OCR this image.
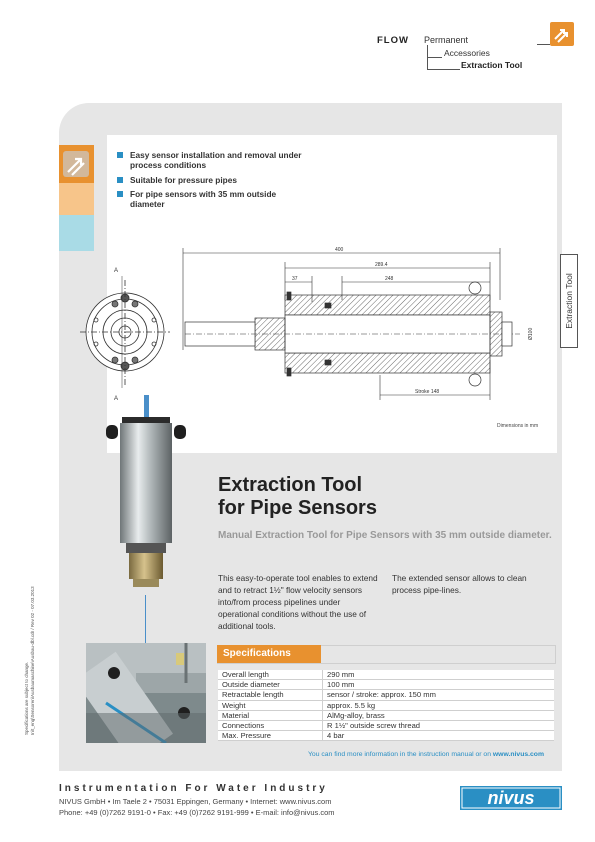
FLOW Permanent
Accessories
Extraction Tool
Easy sensor installation and removal under process conditions
Suitable for pressure pipes
For pipe sensors with 35 mm outside diameter
Extraction Tool
A
A
400
289.4
37	248
Stroke 148
Ø100
Dimensions in mm
Extraction Tool
for Pipe Sensors
Manual Extraction Tool for Pipe Sensors with 35 mm outside diameter.
This easy-to-operate tool enables to extend and to retract 1½" flow velocity sensors into/from process pipelines under operational conditions without the use of additional tools.
The extended sensor allows to clean process pipe-lines.
Specifications
Overall length	290 mm
Outside diameter	100 mm
Retractable length	sensor / stroke: approx. 150 mm
Weight	approx. 5.5 kg
Material	AlMg-alloy, brass
Connections	R 1½" outside screw thread
Max. Pressure	4 bar
You can find more information in the instruction manual or on www.nivus.com
Specifications are subject to change. In\t_eng\Sensoren\Ausbaumaschine\Ausbau-dbl.cdr / Rev 02 - 07.03.2013
Instrumentation For Water Industry
NIVUS GmbH • Im Taele 2 • 75031 Eppingen, Germany • Internet: www.nivus.com
Phone: +49 (0)7262 9191-0 • Fax: +49 (0)7262 9191-999 • E-mail: info@nivus.com
nivus
